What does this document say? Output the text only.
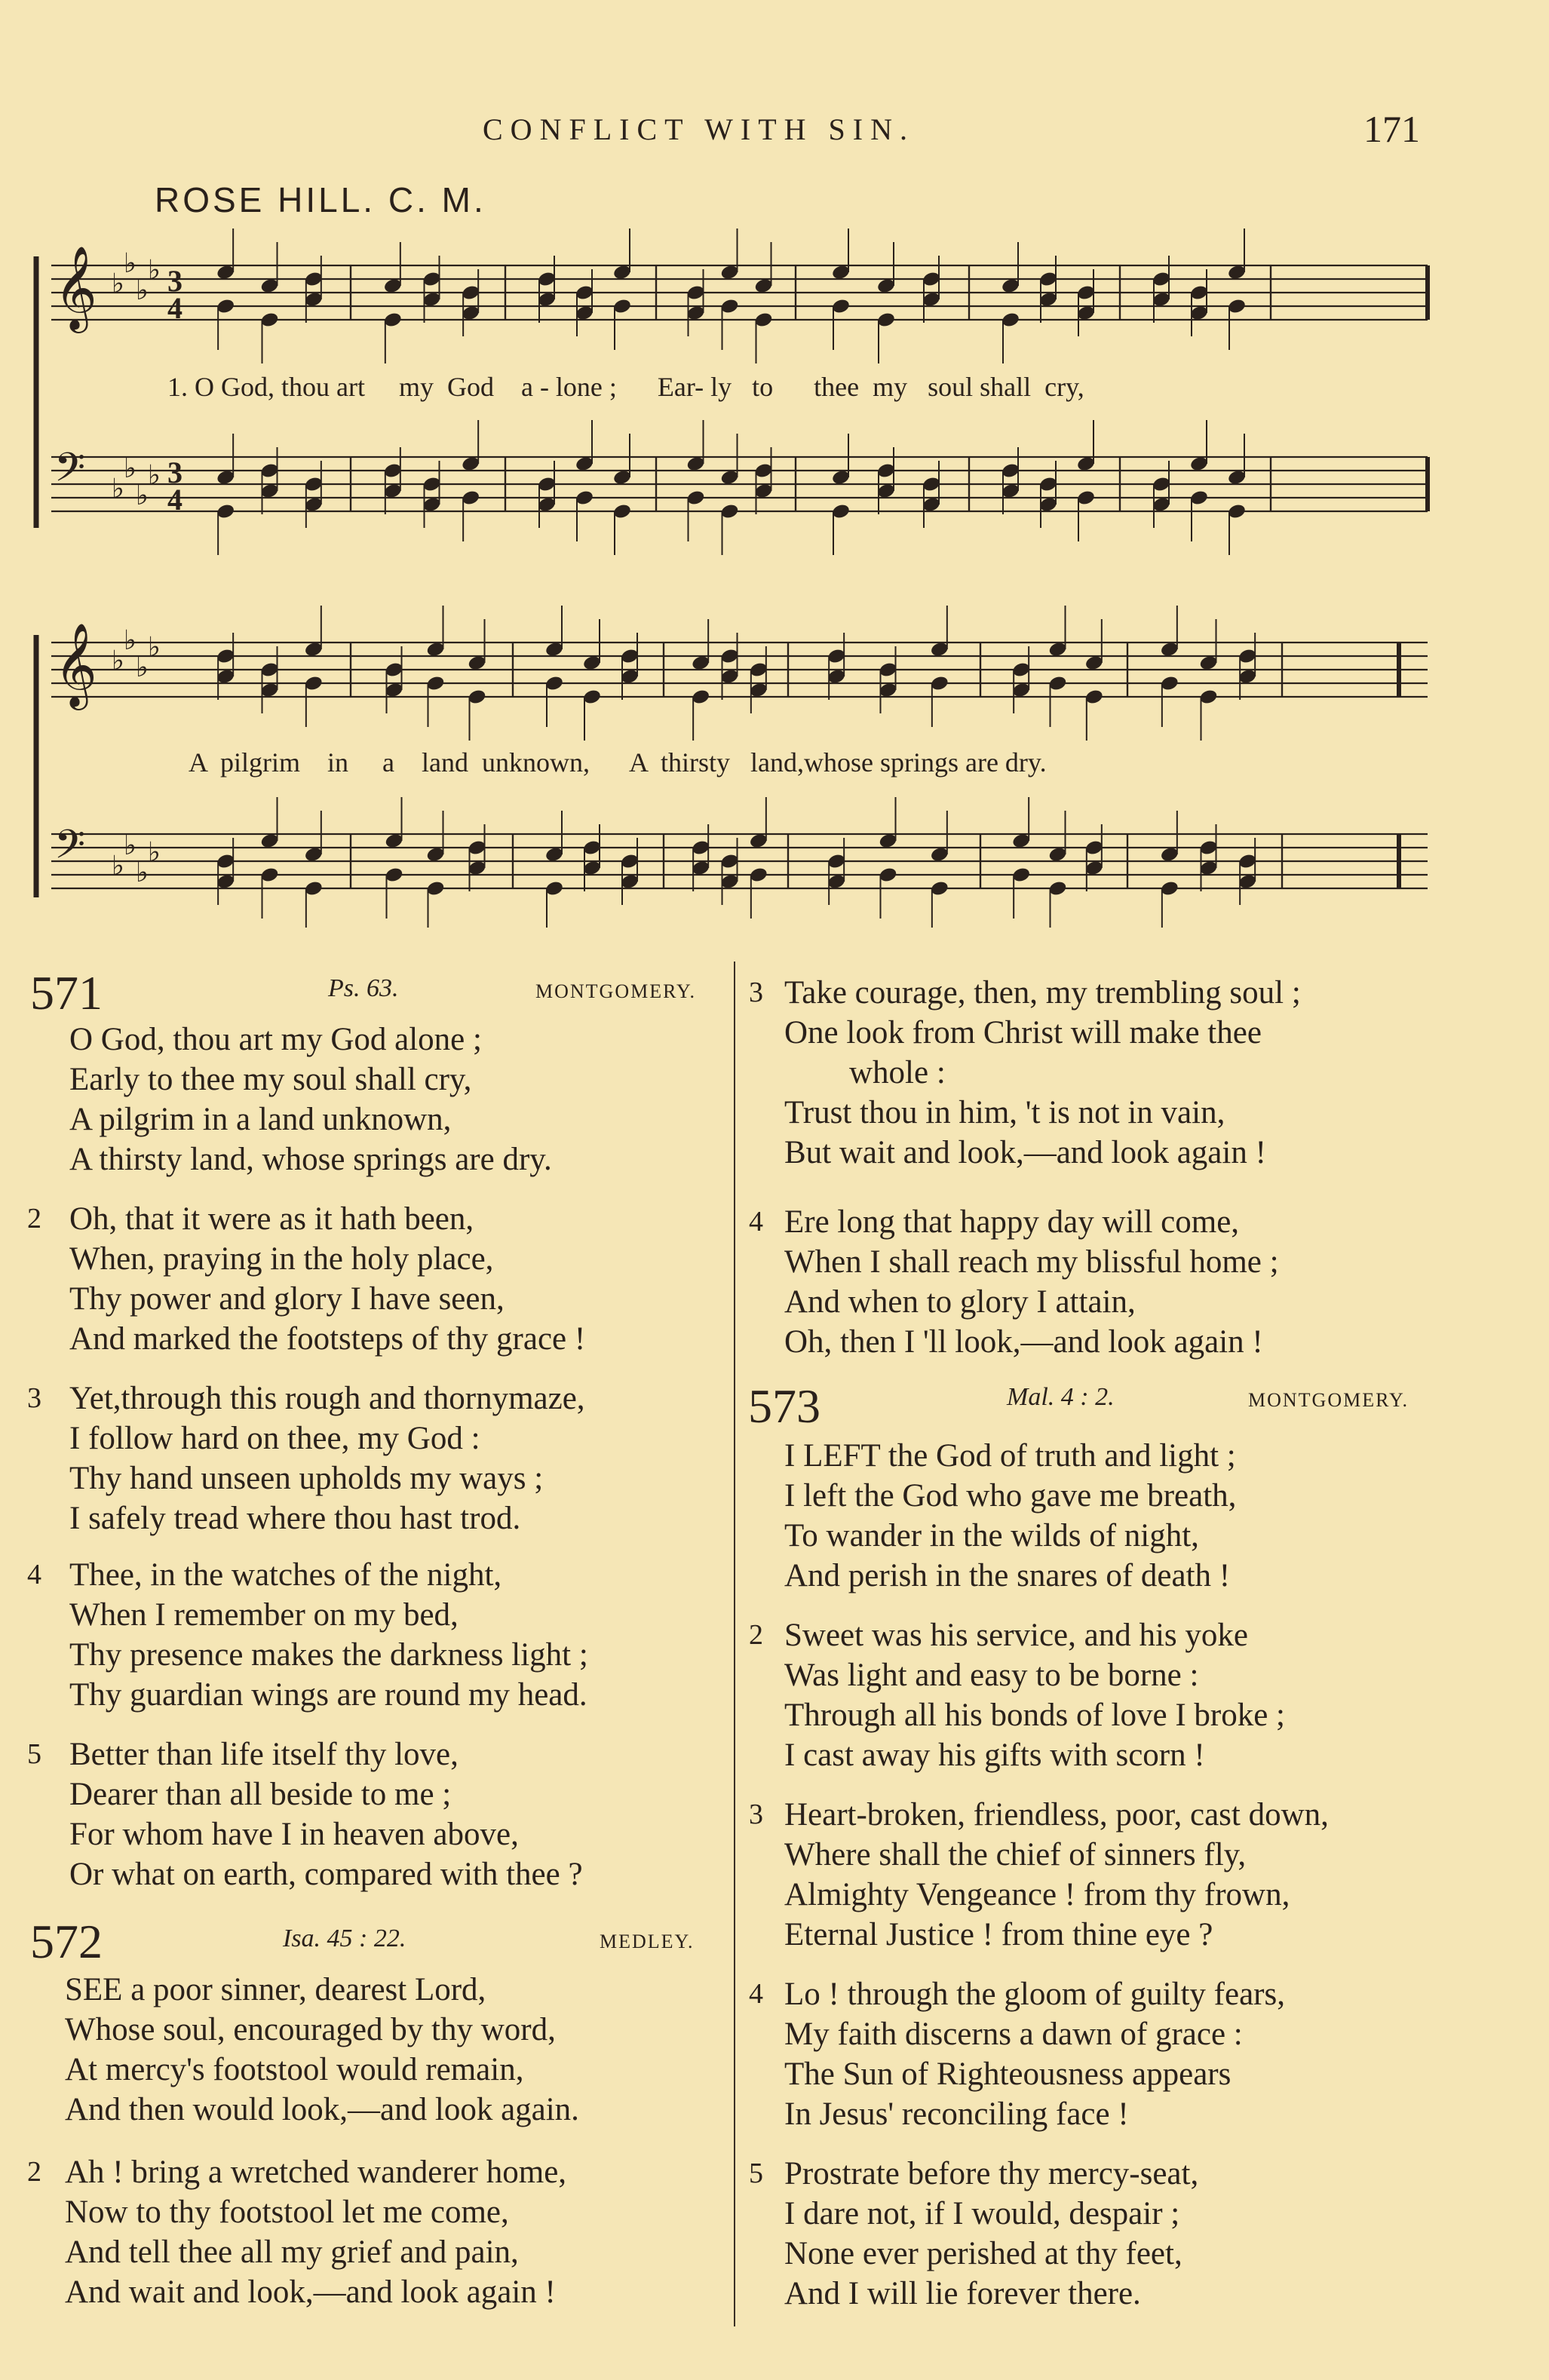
CONFLICT WITH SIN.	171
ROSE HILL. C. M.
𝄞 ♭
♭
♭
♭ 3
4
𝄢 ♭
♭
♭
♭ 3
4
𝄞 ♭
♭
♭
♭
𝄢 ♭
♭
♭
♭
1. O God, thou art     my  God    a - lone ;      Ear- ly   to      thee  my   soul shall  cry,
A  pilgrim    in     a    land  unknown,      A  thirsty   land,whose springs are dry.
571	Ps. 63.	MONTGOMERY.
O God, thou art my God alone ;
Early to thee my soul shall cry,
A pilgrim in a land unknown,
A thirsty land, whose springs are dry.
2 Oh, that it were as it hath been,
When, praying in the holy place,
Thy power and glory I have seen,
And marked the footsteps of thy grace !
3 Yet,through this rough and thornymaze,
I follow hard on thee, my God :
Thy hand unseen upholds my ways ;
I safely tread where thou hast trod.
4 Thee, in the watches of the night,
When I remember on my bed,
Thy presence makes the darkness light ;
Thy guardian wings are round my head.
5 Better than life itself thy love,
Dearer than all beside to me ;
For whom have I in heaven above,
Or what on earth, compared with thee ?
572	Isa. 45 : 22.	MEDLEY.
SEE a poor sinner, dearest Lord,
Whose soul, encouraged by thy word,
At mercy's footstool would remain,
And then would look,—and look again.
2 Ah ! bring a wretched wanderer home,
Now to thy footstool let me come,
And tell thee all my grief and pain,
And wait and look,—and look again !
3 Take courage, then, my trembling soul ;
One look from Christ will make thee
whole :
Trust thou in him, 't is not in vain,
But wait and look,—and look again !
4 Ere long that happy day will come,
When I shall reach my blissful home ;
And when to glory I attain,
Oh, then I 'll look,—and look again !
573	Mal. 4 : 2.	MONTGOMERY.
I LEFT the God of truth and light ;
I left the God who gave me breath,
To wander in the wilds of night,
And perish in the snares of death !
2 Sweet was his service, and his yoke
Was light and easy to be borne :
Through all his bonds of love I broke ;
I cast away his gifts with scorn !
3 Heart-broken, friendless, poor, cast down,
Where shall the chief of sinners fly,
Almighty Vengeance ! from thy frown,
Eternal Justice ! from thine eye ?
4 Lo ! through the gloom of guilty fears,
My faith discerns a dawn of grace :
The Sun of Righteousness appears
In Jesus' reconciling face !
5 Prostrate before thy mercy-seat,
I dare not, if I would, despair ;
None ever perished at thy feet,
And I will lie forever there.
